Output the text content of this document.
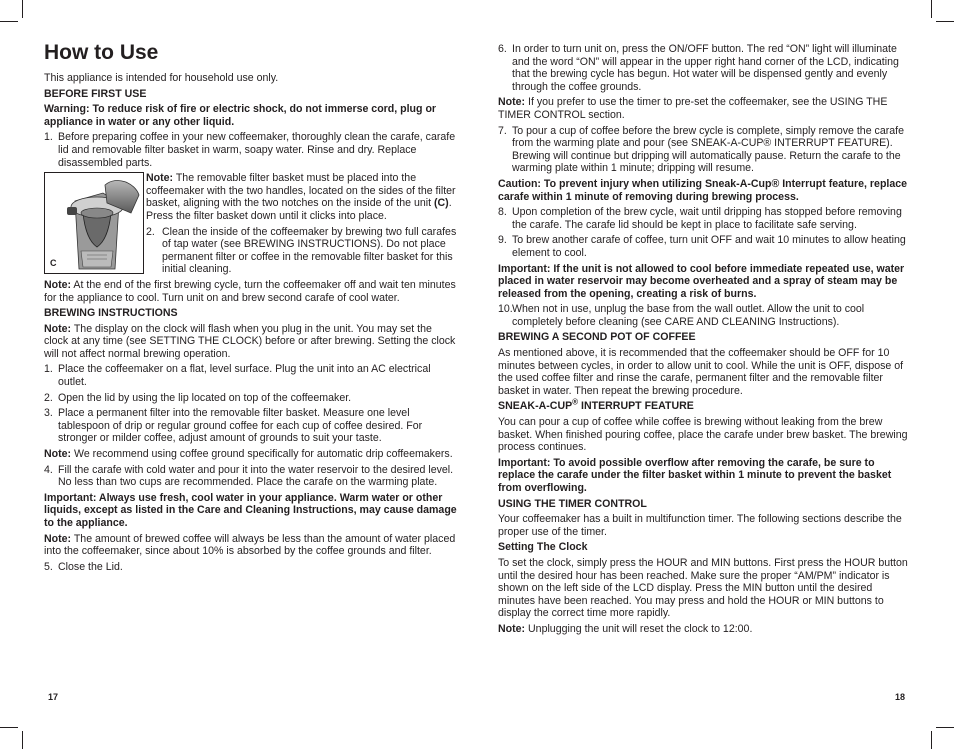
How to Use

This appliance is intended for household use only.

BEFORE FIRST USE

Warning: To reduce risk of fire or electric shock, do not immerse cord, plug or appliance in water or any other liquid.

1. Before preparing coffee in your new coffeemaker, thoroughly clean the carafe, carafe lid and removable filter basket in warm, soapy water. Rinse and dry. Replace disassembled parts.
C

Note: The removable filter basket must be placed into the coffeemaker with the two handles, located on the sides of the filter basket, aligning with the two notches on the inside of the unit (C). Press the filter basket down until it clicks into place.

2. Clean the inside of the coffeemaker by brewing two full carafes of tap water (see BREWING INSTRUCTIONS). Do not place permanent filter or coffee in the removable filter basket for this initial cleaning.

Note: At the end of the first brewing cycle, turn the coffeemaker off and wait ten minutes for the appliance to cool. Turn unit on and brew second carafe of cool water.

BREWING INSTRUCTIONS

Note: The display on the clock will flash when you plug in the unit. You may set the clock at any time (see SETTING THE CLOCK) before or after brewing. Setting the clock will not affect normal brewing operation.

1. Place the coffeemaker on a flat, level surface. Plug the unit into an AC electrical outlet.
2. Open the lid by using the lip located on top of the coffeemaker.
3. Place a permanent filter into the removable filter basket. Measure one level tablespoon of drip or regular ground coffee for each cup of coffee desired. For stronger or milder coffee, adjust amount of grounds to suit your taste.

Note: We recommend using coffee ground specifically for automatic drip coffeemakers.

4. Fill the carafe with cold water and pour it into the water reservoir to the desired level. No less than two cups are recommended. Place the carafe on the warming plate.

Important: Always use fresh, cool water in your appliance. Warm water or other liquids, except as listed in the Care and Cleaning Instructions, may cause damage to the appliance.

Note: The amount of brewed coffee will always be less than the amount of water placed into the coffeemaker, since about 10% is absorbed by the coffee grounds and filter.

5. Close the Lid.
17
6. In order to turn unit on, press the ON/OFF button. The red “ON” light will illuminate and the word “ON” will appear in the upper right hand corner of the LCD, indicating that the brewing cycle has begun. Hot water will be dispensed gently and evenly through the coffee grounds.

Note: If you prefer to use the timer to pre-set the coffeemaker, see the USING THE TIMER CONTROL section.

7. To pour a cup of coffee before the brew cycle is complete, simply remove the carafe from the warming plate and pour (see SNEAK-A-CUP® INTERRUPT FEATURE). Brewing will continue but dripping will automatically pause. Return the carafe to the warming plate within 1 minute; dripping will resume.

Caution: To prevent injury when utilizing Sneak-A-Cup® Interrupt feature, replace carafe within 1 minute of removing during brewing process.

8. Upon completion of the brew cycle, wait until dripping has stopped before removing the carafe. The carafe lid should be kept in place to facilitate safe serving.
9. To brew another carafe of coffee, turn unit OFF and wait 10 minutes to allow heating element to cool.

Important: If the unit is not allowed to cool before immediate repeated use, water placed in water reservoir may become overheated and a spray of steam may be released from the opening, creating a risk of burns.

10. When not in use, unplug the base from the wall outlet. Allow the unit to cool completely before cleaning (see CARE AND CLEANING Instructions).

BREWING A SECOND POT OF COFFEE

As mentioned above, it is recommended that the coffeemaker should be OFF for 10 minutes between cycles, in order to allow unit to cool. While the unit is OFF, dispose of the used coffee filter and rinse the carafe, permanent filter and the removable filter basket in water. Then repeat the brewing procedure.

SNEAK-A-CUP® INTERRUPT FEATURE

You can pour a cup of coffee while coffee is brewing without leaking from the brew basket. When finished pouring coffee, place the carafe under brew basket. The brewing process continues.

Important: To avoid possible overflow after removing the carafe, be sure to replace the carafe under the filter basket within 1 minute to prevent the basket from overflowing.

USING THE TIMER CONTROL

Your coffeemaker has a built in multifunction timer. The following sections describe the proper use of the timer.

Setting The Clock

To set the clock, simply press the HOUR and MIN buttons. First press the HOUR button until the desired hour has been reached. Make sure the proper “AM/PM” indicator is shown on the left side of the LCD display. Press the MIN button until the desired minutes have been reached. You may press and hold the HOUR or MIN buttons to display the correct time more rapidly.

Note: Unplugging the unit will reset the clock to 12:00.

18
